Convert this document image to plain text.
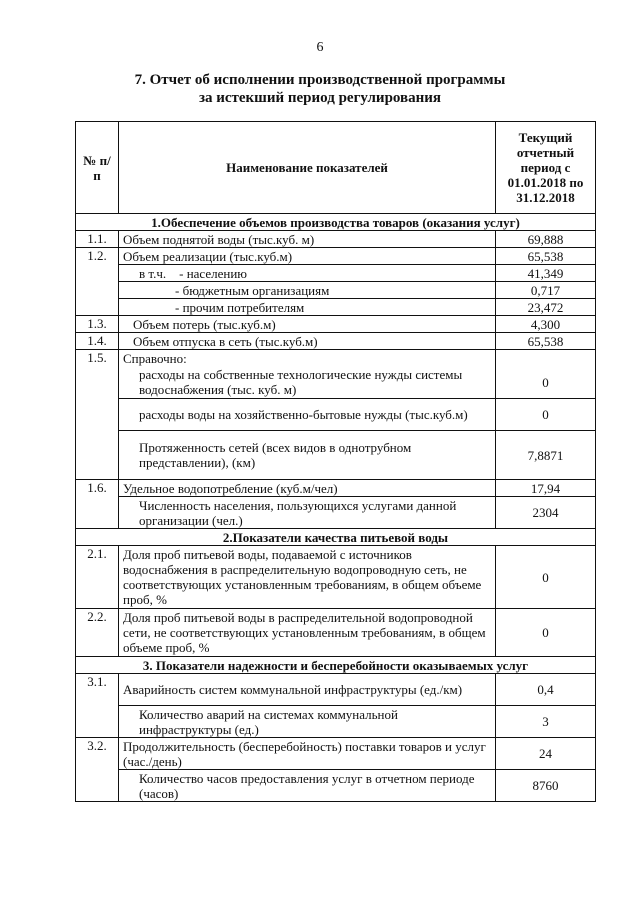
6
7. Отчет об исполнении производственной программы
за истекший период регулирования
№ п/п	Наименование показателей	Текущий отчетный период с 01.01.2018 по 31.12.2018
1.Обеспечение объемов производства товаров (оказания услуг)		
1.1.	Объем поднятой воды (тыс.куб. м)	69,888
1.2.	Объем реализации (тыс.куб.м)	65,538
	в т.ч.    - населению	41,349
	- бюджетным организациям	0,717
	- прочим потребителям	23,472
1.3.	Объем потерь (тыс.куб.м)	4,300
1.4.	Объем отпуска в сеть (тыс.куб.м)	65,538
1.5.	Справочно:	
	расходы на собственные технологические нужды системы водоснабжения (тыс. куб. м)	0
	расходы воды на хозяйственно-бытовые нужды (тыс.куб.м)	0
	Протяженность сетей (всех видов в однотрубном представлении), (км)	7,8871
1.6.	Удельное водопотребление (куб.м/чел)	17,94
	Численность населения, пользующихся услугами данной организации (чел.)	2304
2.Показатели качества питьевой воды		
2.1.	Доля проб питьевой воды, подаваемой с источников водоснабжения в распределительную водопроводную сеть, не соответствующих установленным требованиям, в общем объеме проб, %	0
2.2.	Доля проб питьевой воды в распределительной водопроводной сети, не соответствующих установленным требованиям, в общем объеме проб, %	0
3. Показатели надежности и бесперебойности оказываемых услуг		
3.1.	Аварийность систем коммунальной инфраструктуры (ед./км)	0,4
	Количество аварий на системах коммунальной инфраструктуры (ед.)	3
3.2.	Продолжительность (бесперебойность) поставки товаров и услуг (час./день)	24
	Количество часов предоставления услуг в отчетном периоде (часов)	8760
